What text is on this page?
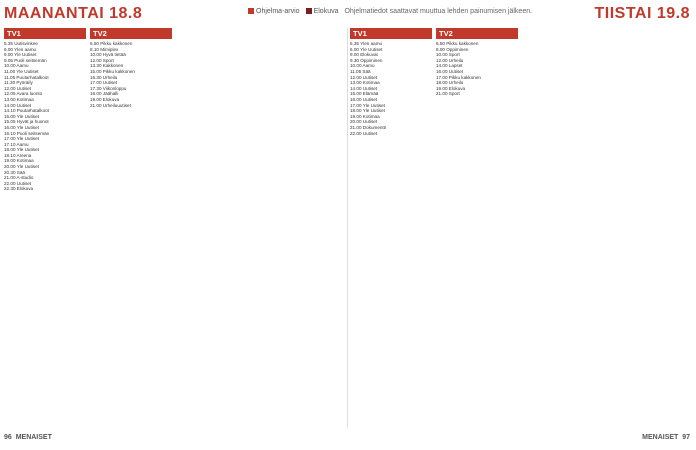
MAANANTAI 18.8	Ohjelma-arvio	Elokuva Ohjelmatiedot saattavat muuttua lehden painumisen jälkeen.	TIISTAI 19.8
TV1
5.35 Uutisvinkee
6.00 Ylen aamu
9.00 Yle Uutiset
9.05 Puoli seitsemän
10.00 Aamu
11.00 Yle Uutiset
11.05 Puutarhatalkoot
11.30 Pyöräily
12.00 Uutiset
12.05 Avara luonto
13.00 Kotimaa
14.00 Uutiset
14.10 Puutarhatalkoot
15.00 Yle Uutiset
15.05 Hyvät ja huonot
16.00 Yle Uutiset
16.10 Puoli seitsemän
17.00 Yle Uutiset
17.10 Aamu
18.00 Yle Uutiset
18.10 Areena
19.00 Kotimaa
20.00 Yle Uutiset
20.30 Sää
21.00 A-studio
22.00 Uutiset
22.30 Elokuva
TV2
6.50 Pikku kakkonen
8.10 Mimiplex
10.00 Hyvä tietää
12.00 Sport
13.30 Kakkonen
15.00 Pikku kakkonen
16.30 Urheilu
17.00 Uutiset
17.30 Viikonloppu
18.00 Jäähalli
19.00 Elokuva
21.00 Urheiluuutiset
TV1
5.35 Ylen aamu
6.00 Yle Uutiset
9.00 Elokuvat
9.30 Oppiminen
10.00 Aamu
11.05 Sää
12.00 Uutiset
13.00 Kotimaa
14.00 Uutiset
15.00 Elämää
16.00 Uutiset
17.00 Yle Uutiset
18.00 Yle Uutiset
19.00 Kotimaa
20.00 Uutiset
21.00 Dokumentti
22.00 Uutiset
TV2
6.50 Pikku kakkonen
8.00 Oppiminen
10.00 Sport
12.00 Urheilu
14.00 Lapset
16.00 Uutiset
17.00 Pikku kakkonen
18.00 Urheilu
19.00 Elokuva
21.00 Sport
96 MENAISET	MENAISET 97
